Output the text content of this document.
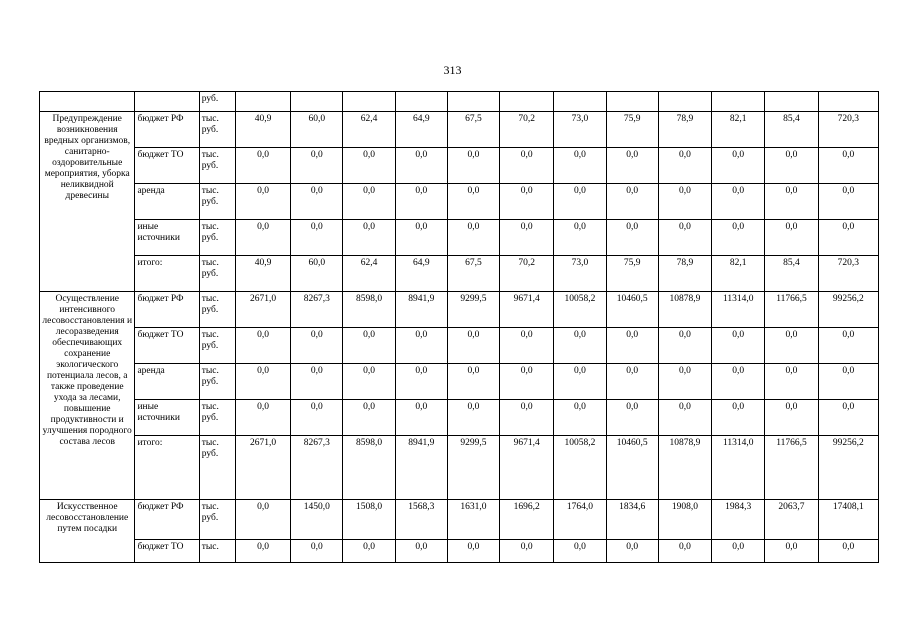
313
		руб.												
Предупреждение возникновения вредных организмов, санитарно-оздоровительные мероприятия, уборка неликвидной древесины	бюджет РФ	тыс. руб.	40,9	60,0	62,4	64,9	67,5	70,2	73,0	75,9	78,9	82,1	85,4	720,3
	бюджет ТО	тыс. руб.	0,0	0,0	0,0	0,0	0,0	0,0	0,0	0,0	0,0	0,0	0,0	0,0
	аренда	тыс. руб.	0,0	0,0	0,0	0,0	0,0	0,0	0,0	0,0	0,0	0,0	0,0	0,0
	иные источники	тыс. руб.	0,0	0,0	0,0	0,0	0,0	0,0	0,0	0,0	0,0	0,0	0,0	0,0
	итого:	тыс. руб.	40,9	60,0	62,4	64,9	67,5	70,2	73,0	75,9	78,9	82,1	85,4	720,3
Осуществление интенсивного лесовосстановления и лесоразведения обеспечивающих сохранение экологического потенциала лесов, а также проведение ухода за лесами, повышение продуктивности и улучшения породного состава лесов	бюджет РФ	тыс. руб.	2671,0	8267,3	8598,0	8941,9	9299,5	9671,4	10058,2	10460,5	10878,9	11314,0	11766,5	99256,2
	бюджет ТО	тыс. руб.	0,0	0,0	0,0	0,0	0,0	0,0	0,0	0,0	0,0	0,0	0,0	0,0
	аренда	тыс. руб.	0,0	0,0	0,0	0,0	0,0	0,0	0,0	0,0	0,0	0,0	0,0	0,0
	иные источники	тыс. руб.	0,0	0,0	0,0	0,0	0,0	0,0	0,0	0,0	0,0	0,0	0,0	0,0
	итого:	тыс. руб.	2671,0	8267,3	8598,0	8941,9	9299,5	9671,4	10058,2	10460,5	10878,9	11314,0	11766,5	99256,2
Искусственное лесовосстановление путем посадки	бюджет РФ	тыс. руб.	0,0	1450,0	1508,0	1568,3	1631,0	1696,2	1764,0	1834,6	1908,0	1984,3	2063,7	17408,1
	бюджет ТО	тыс.	0,0	0,0	0,0	0,0	0,0	0,0	0,0	0,0	0,0	0,0	0,0	0,0
